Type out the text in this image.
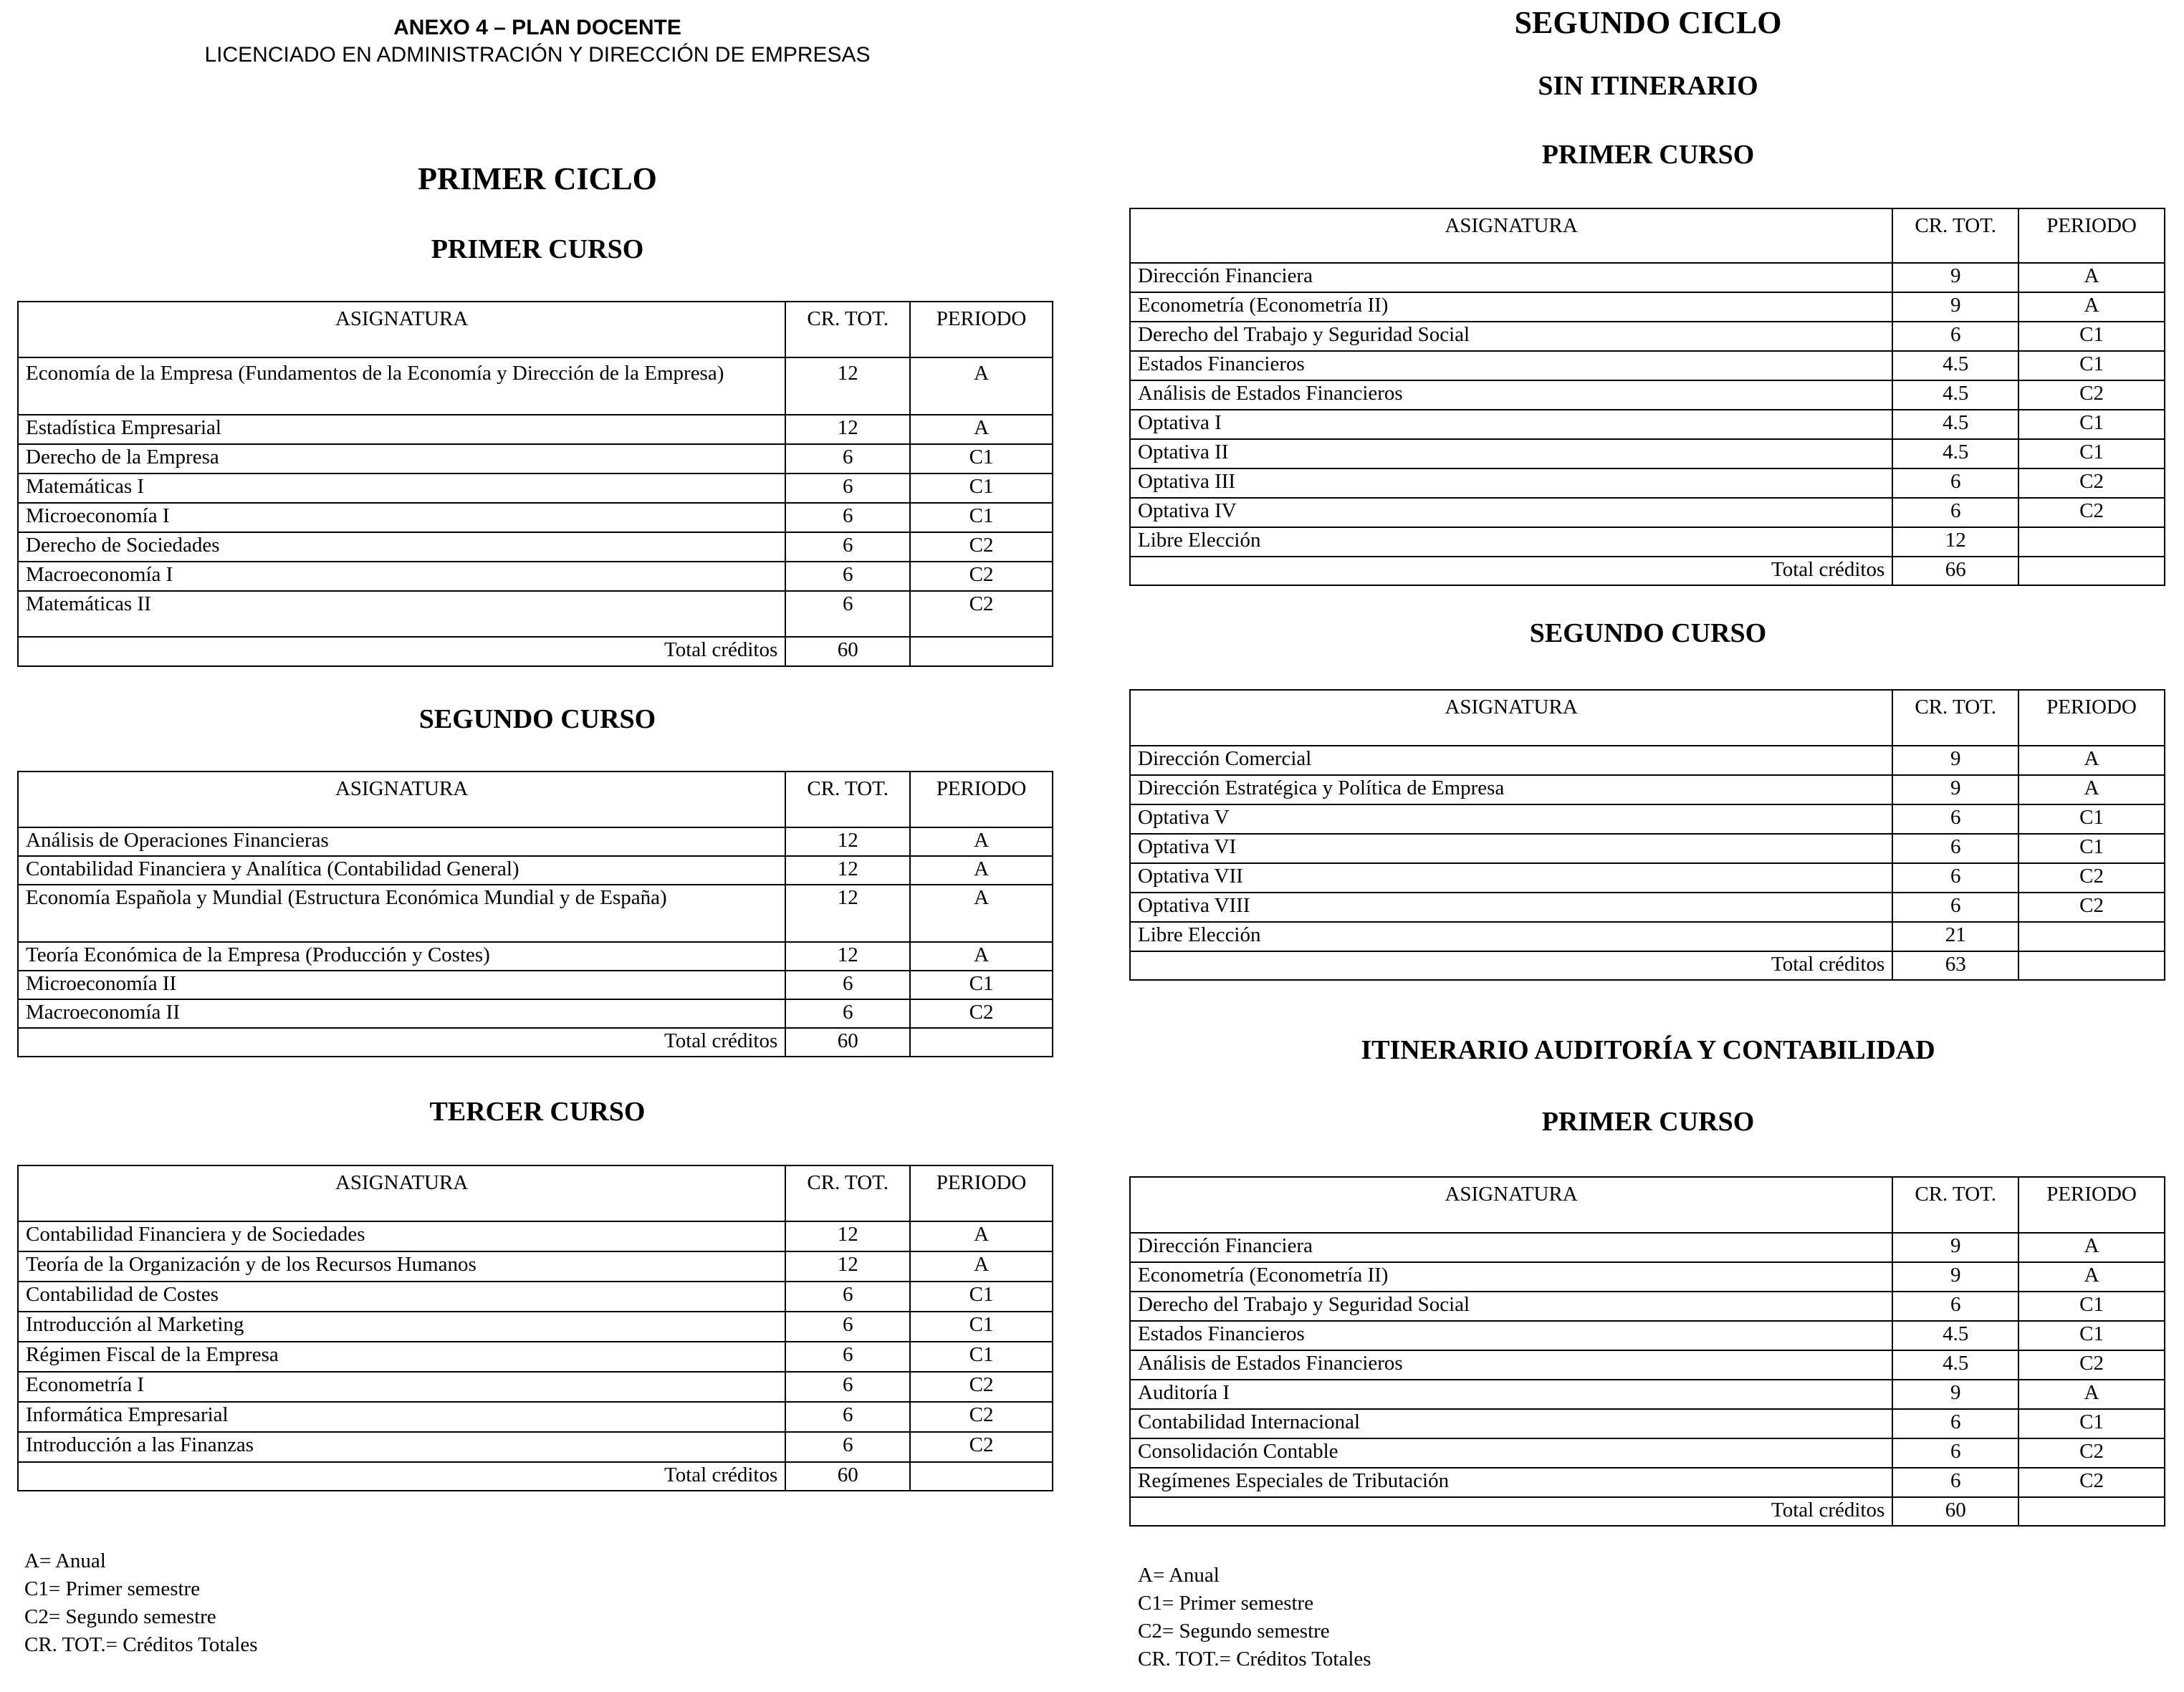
ANEXO 4 – PLAN DOCENTE
LICENCIADO EN ADMINISTRACIÓN Y DIRECCIÓN DE EMPRESAS
PRIMER CICLO
PRIMER CURSO
ASIGNATURA	CR. TOT.	PERIODO
Economía de la Empresa (Fundamentos de la Economía y Dirección de la Empresa)	12	A
Estadística Empresarial	12	A
Derecho de la Empresa	6	C1
Matemáticas I	6	C1
Microeconomía I	6	C1
Derecho de Sociedades	6	C2
Macroeconomía I	6	C2
Matemáticas II	6	C2
Total créditos	60	
SEGUNDO CURSO
ASIGNATURA	CR. TOT.	PERIODO
Análisis de Operaciones Financieras	12	A
Contabilidad Financiera y Analítica (Contabilidad General)	12	A
Economía Española y Mundial (Estructura Económica Mundial y de España)	12	A
Teoría Económica de la Empresa (Producción y Costes)	12	A
Microeconomía II	6	C1
Macroeconomía II	6	C2
Total créditos	60	
TERCER CURSO
ASIGNATURA	CR. TOT.	PERIODO
Contabilidad Financiera y de Sociedades	12	A
Teoría de la Organización y de los Recursos Humanos	12	A
Contabilidad de Costes	6	C1
Introducción al Marketing	6	C1
Régimen Fiscal de la Empresa	6	C1
Econometría I	6	C2
Informática Empresarial	6	C2
Introducción a las Finanzas	6	C2
Total créditos	60	
A= Anual
C1= Primer semestre
C2= Segundo semestre
CR. TOT.= Créditos Totales
SEGUNDO CICLO
SIN ITINERARIO
PRIMER CURSO
ASIGNATURA	CR. TOT.	PERIODO
Dirección Financiera	9	A
Econometría (Econometría II)	9	A
Derecho del Trabajo y Seguridad Social	6	C1
Estados Financieros	4.5	C1
Análisis de Estados Financieros	4.5	C2
Optativa I	4.5	C1
Optativa II	4.5	C1
Optativa III	6	C2
Optativa IV	6	C2
Libre Elección	12	
Total créditos	66	
SEGUNDO CURSO
ASIGNATURA	CR. TOT.	PERIODO
Dirección Comercial	9	A
Dirección Estratégica y Política de Empresa	9	A
Optativa V	6	C1
Optativa VI	6	C1
Optativa VII	6	C2
Optativa VIII	6	C2
Libre Elección	21	
Total créditos	63	
ITINERARIO AUDITORÍA Y CONTABILIDAD
PRIMER CURSO
ASIGNATURA	CR. TOT.	PERIODO
Dirección Financiera	9	A
Econometría (Econometría II)	9	A
Derecho del Trabajo y Seguridad Social	6	C1
Estados Financieros	4.5	C1
Análisis de Estados Financieros	4.5	C2
Auditoría I	9	A
Contabilidad Internacional	6	C1
Consolidación Contable	6	C2
Regímenes Especiales de Tributación	6	C2
Total créditos	60	
A= Anual
C1= Primer semestre
C2= Segundo semestre
CR. TOT.= Créditos Totales
